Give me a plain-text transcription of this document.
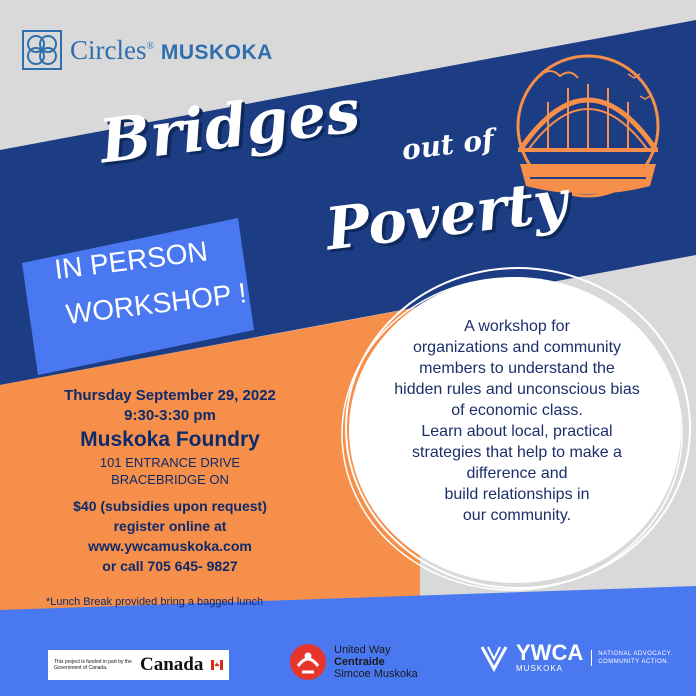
Circles® MUSKOKA
Bridges out of
Poverty
IN PERSON
WORKSHOP !
Thursday September 29, 2022
9:30-3:30 pm
Muskoka Foundry
101 ENTRANCE DRIVE
BRACEBRIDGE ON
$40 (subsidies upon request)
register online at
www.ywcamuskoka.com
or call 705 645- 9827
*Lunch Break provided bring a bagged lunch
A workshop for
organizations and community
members to understand the
hidden rules and unconscious bias
of economic class.
Learn about local, practical
strategies that help to make a
difference and
build relationships in
our community.
This project is funded in part by the Government of Canada.	Canada
United Way
Centraide
Simcoe Muskoka
YWCA
MUSKOKA
NATIONAL ADVOCACY.
COMMUNITY ACTION.
